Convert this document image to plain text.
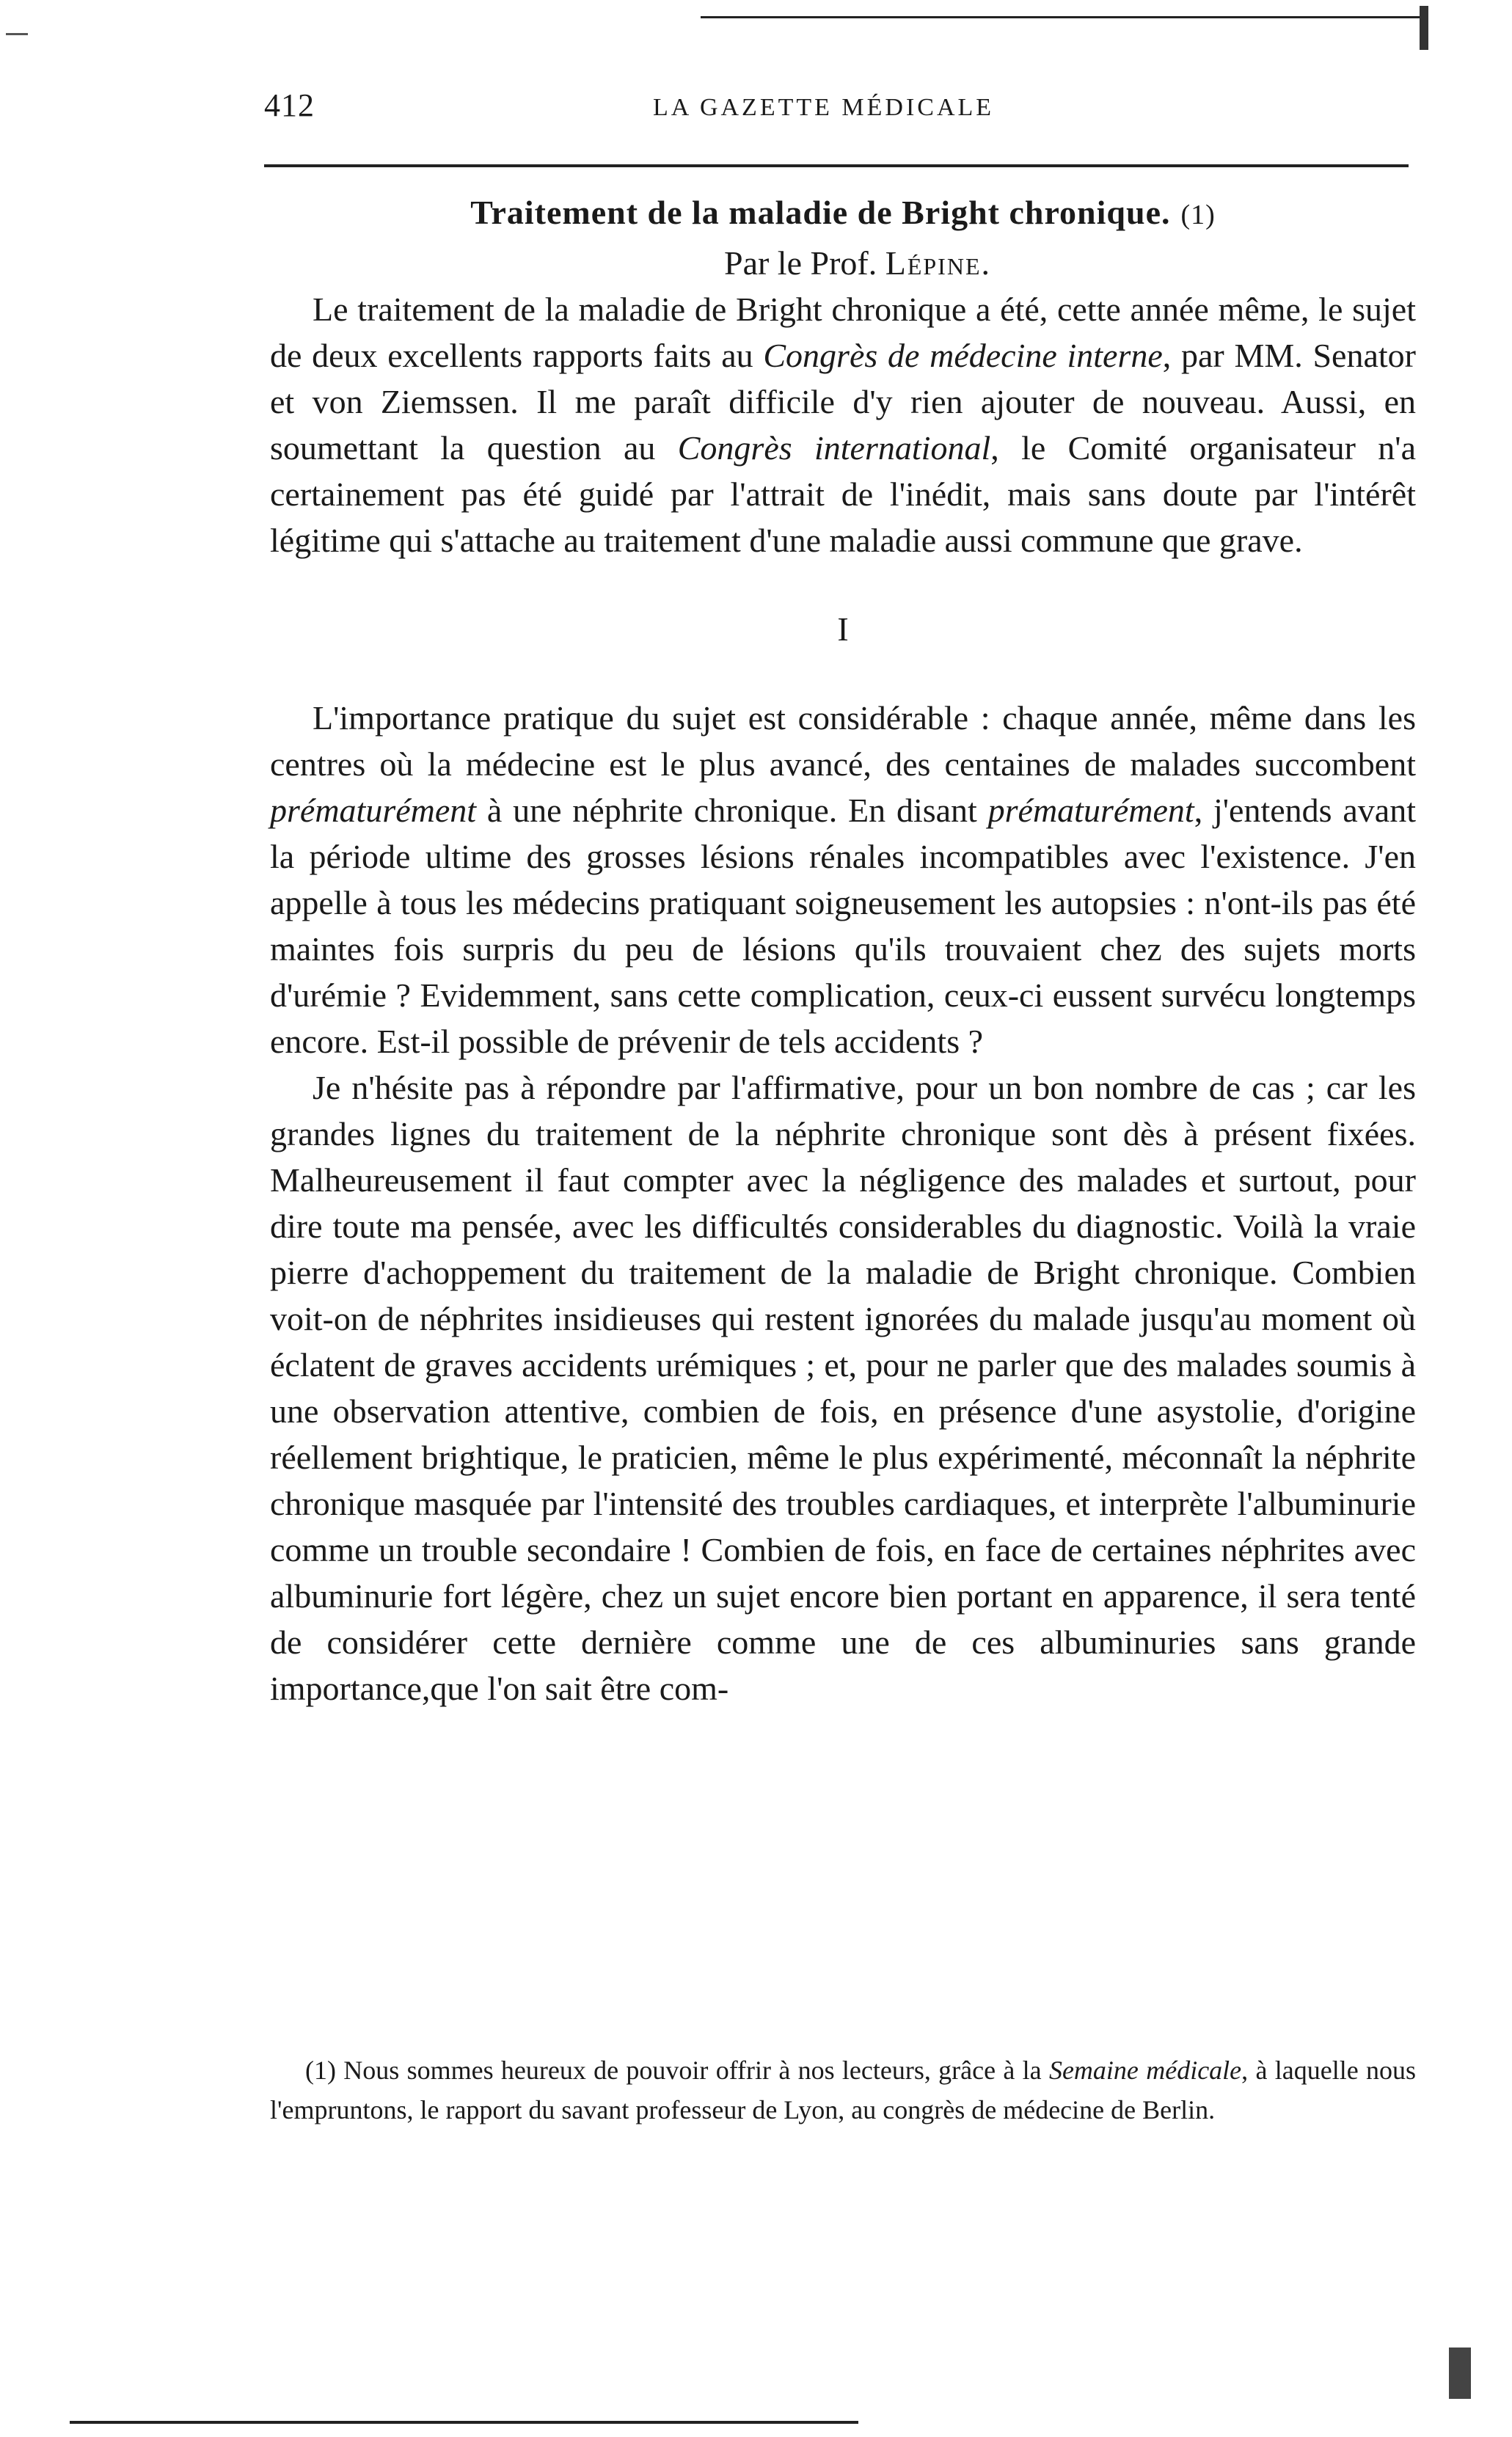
412	LA GAZETTE MÉDICALE
Traitement de la maladie de Bright chronique. (1)
Par le Prof. Lépine.

Le traitement de la maladie de Bright chronique a été, cette année même, le sujet de deux excellents rapports faits au Congrès de médecine interne, par MM. Senator et von Ziemssen. Il me paraît difficile d'y rien ajouter de nouveau. Aussi, en soumettant la question au Congrès international, le Comité organisateur n'a certainement pas été guidé par l'attrait de l'inédit, mais sans doute par l'intérêt légitime qui s'attache au traitement d'une maladie aussi commune que grave.

I

L'importance pratique du sujet est considérable : chaque année, même dans les centres où la médecine est le plus avancé, des centaines de malades succombent prématurément à une néphrite chronique. En disant prématurément, j'entends avant la période ultime des grosses lésions rénales incompatibles avec l'existence. J'en appelle à tous les médecins pratiquant soigneusement les autopsies : n'ont-ils pas été maintes fois surpris du peu de lésions qu'ils trouvaient chez des sujets morts d'urémie ? Evidemment, sans cette complication, ceux-ci eussent survécu longtemps encore. Est-il possible de prévenir de tels accidents ?

Je n'hésite pas à répondre par l'affirmative, pour un bon nombre de cas ; car les grandes lignes du traitement de la néphrite chronique sont dès à présent fixées. Malheureusement il faut compter avec la négligence des malades et surtout, pour dire toute ma pensée, avec les difficultés considerables du diagnostic. Voilà la vraie pierre d'achoppement du traitement de la maladie de Bright chronique. Combien voit-on de néphrites insidieuses qui restent ignorées du malade jusqu'au moment où éclatent de graves accidents urémiques ; et, pour ne parler que des malades soumis à une observation attentive, combien de fois, en présence d'une asystolie, d'origine réellement brightique, le praticien, même le plus expérimenté, méconnaît la néphrite chronique masquée par l'intensité des troubles cardiaques, et interprète l'albuminurie comme un trouble secondaire ! Combien de fois, en face de certaines néphrites avec albuminurie fort légère, chez un sujet encore bien portant en apparence, il sera tenté de considérer cette dernière comme une de ces albuminuries sans grande importance,que l'on sait être com-

(1) Nous sommes heureux de pouvoir offrir à nos lecteurs, grâce à la Semaine médicale, à laquelle nous l'empruntons, le rapport du savant professeur de Lyon, au congrès de médecine de Berlin.
